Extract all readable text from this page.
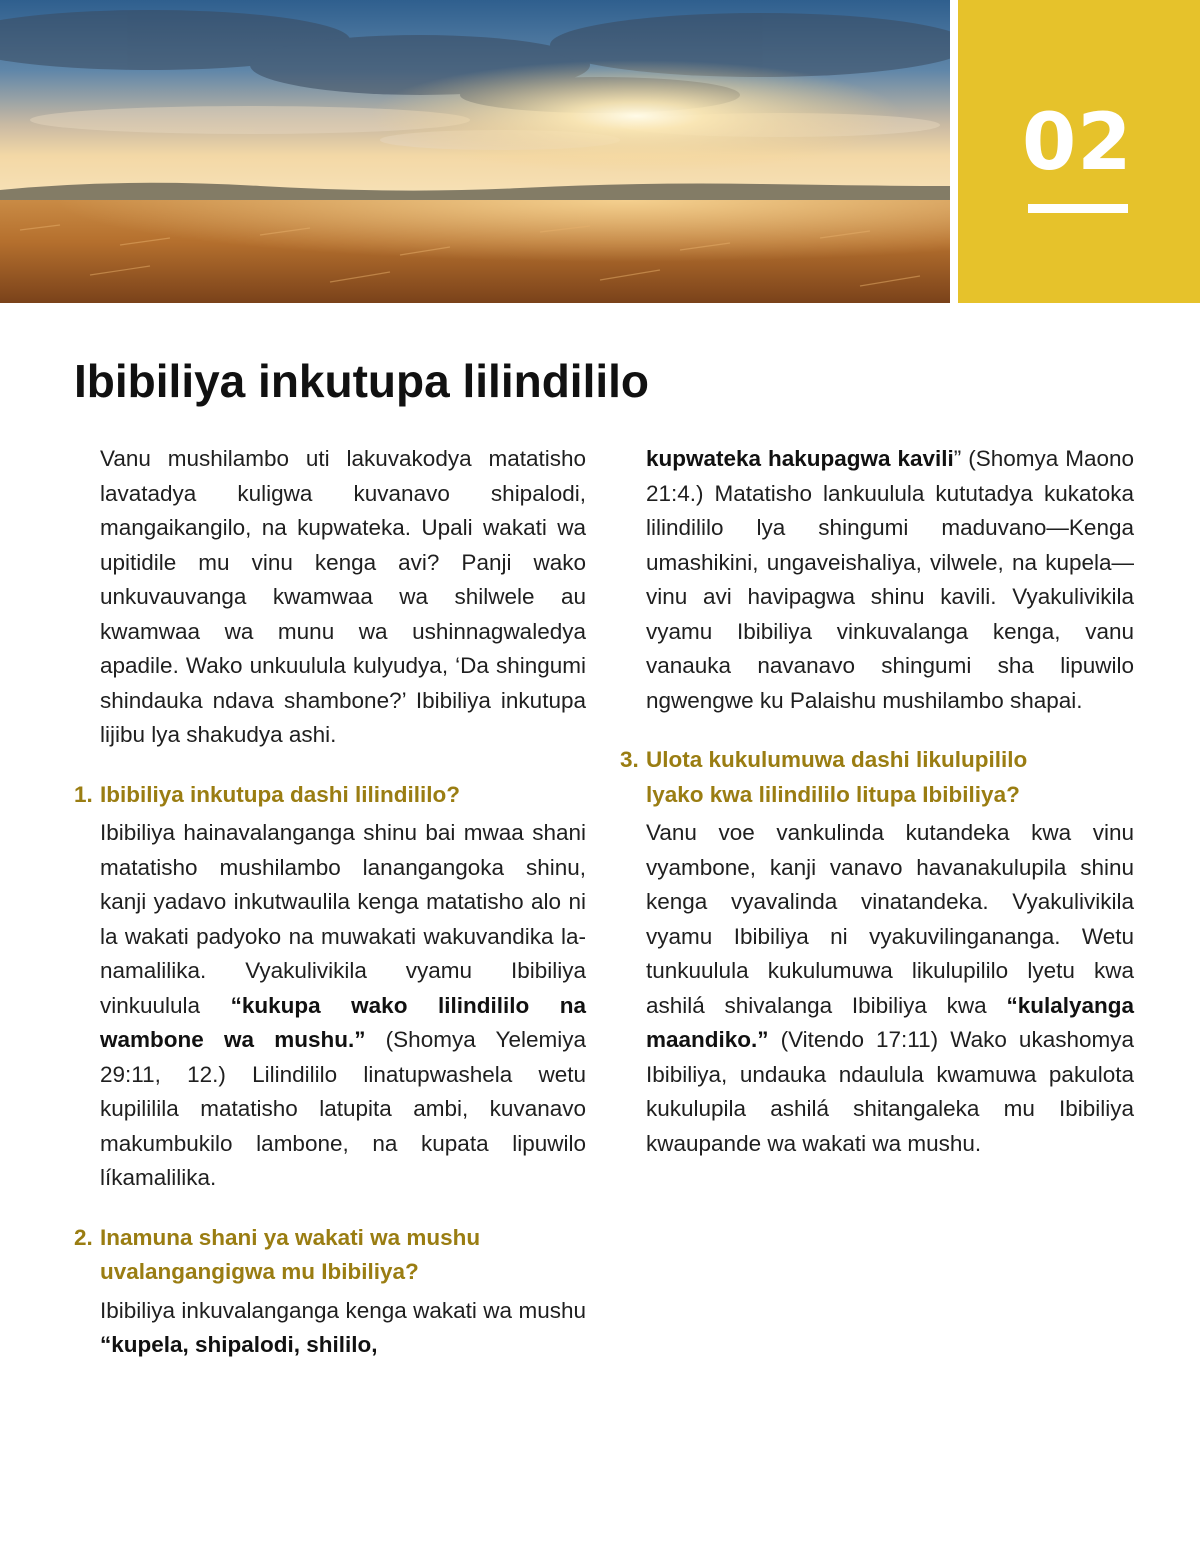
02
Ibibiliya inkutupa lilindililo

Vanu mushilambo uti lakuvakodya matatisho lavatadya kuligwa kuvanavo shipalodi, mangaikangilo, na kupwateka. Upali wakati wa upitidile mu vinu kenga avi? Panji wako unkuvauvanga kwamwaa wa shilwele au kwamwaa wa munu wa ushinnagwaledya apadile. Wako unkuulula kulyudya, ‘Da shingumi shindauka ndava shambone?’ Ibibiliya inkutupa lijibu lya shakudya ashi.

1. Ibibiliya inkutupa dashi lilindililo?

Ibibiliya hainavalanganga shinu bai mwaa shani matatisho mushilambo lanangangoka shinu, kanji yadavo inkutwaulila kenga matatisho alo ni la wakati padyoko na muwakati wakuvandika lanamalilika. Vyakulivikila vyamu Ibibiliya vinkuulula “kukupa wako lilindililo na wambone wa mushu.” (Shomya Yelemiya 29:11, 12.) Lilindililo linatupwashela wetu kupililila matatisho latupita ambi, kuvanavo makumbukilo lambone, na kupata lipuwilo líkamalilika.

2. Inamuna shani ya wakati wa mushu
uvalangangigwa mu Ibibiliya?

Ibibiliya inkuvalanganga kenga wakati wa mushu “kupela, shipalodi, shililo,

kupwateka hakupagwa kavili” (Shomya Maono 21:4.) Matatisho lankuulula kututadya kukatoka lilindililo lya shingumi maduvano—Kenga umashikini, ungaveishaliya, vilwele, na kupela—vinu avi havipagwa shinu kavili. Vyakulivikila vyamu Ibibiliya vinkuvalanga kenga, vanu vanauka navanavo shingumi sha lipuwilo ngwengwe ku Palaishu mushilambo shapai.

3. Ulota kukulumuwa dashi likulupililo
lyako kwa lilindililo litupa Ibibiliya?

Vanu voe vankulinda kutandeka kwa vinu vyambone, kanji vanavo havanakulupila shinu kenga vyavalinda vinatandeka. Vyakulivikila vyamu Ibibiliya ni vyakuvilingananga. Wetu tunkuulula kukulumuwa likulupililo lyetu kwa ashilá shivalanga Ibibiliya kwa “kulalyanga maandiko.” (Vitendo 17:11) Wako ukashomya Ibibiliya, undauka ndaulula kwamuwa pakulota kukulupila ashilá shitangaleka mu Ibibiliya kwaupande wa wakati wa mushu.
